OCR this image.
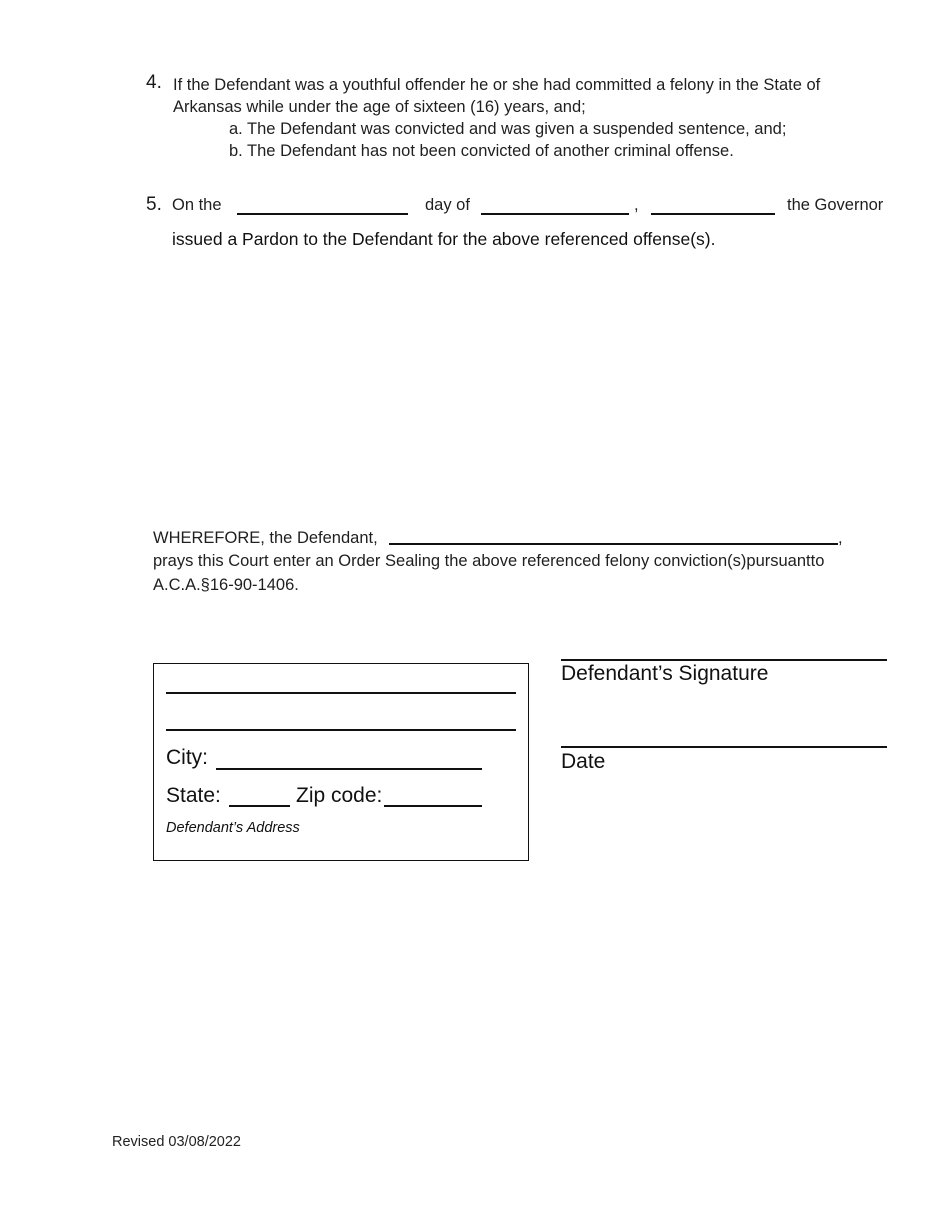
4. If the Defendant was a youthful offender he or she had committed a felony in the State of Arkansas while under the age of sixteen (16) years, and;
a. The Defendant was convicted and was given a suspended sentence, and;
b. The Defendant has not been convicted of another criminal offense.
5. On the	day of	,	the Governor
issued a Pardon to the Defendant for the above referenced offense(s).
WHEREFORE, the Defendant,	,
prays this Court enter an Order Sealing the above referenced felony conviction(s)pursuantto
A.C.A.§16-90-1406.
City:
State:	Zip code:
Defendant’s Address
Defendant’s Signature
Date
Revised 03/08/2022
